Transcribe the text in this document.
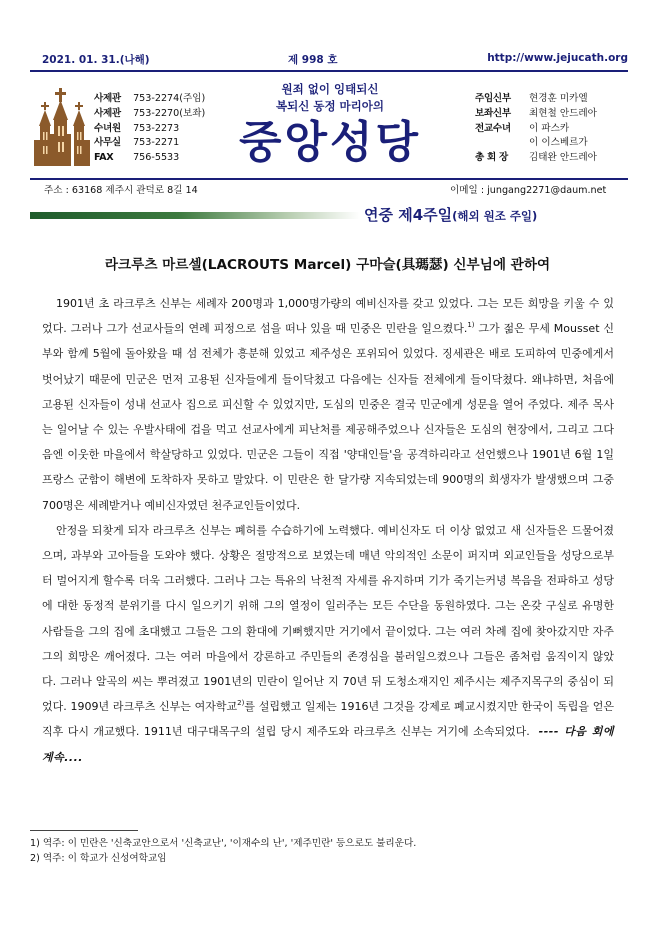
2021. 01. 31.(나해)	제 998 호	http://www.jejucath.org
사제관 753-2274(주임)
사제관 753-2270(보좌)
수녀원 753-2273
사무실 753-2271
FAX 756-5533
원죄 없이 잉태되신
복되신 동정 마리아의
중앙성당
주임신부 현경훈 미카엘
보좌신부 최현철 안드레아
전교수녀 이 파스카
이 이스베르가
총 회 장 김태완 안드레아
주소 : 63168 제주시 관덕로 8길 14	이메일 : jungang2271@daum.net
연중 제4주일(해외 원조 주일)
라크루츠 마르셀(LACROUTS Marcel) 구마슬(具瑪瑟) 신부님에 관하여

1901년 초 라크루츠 신부는 세례자 200명과 1,000명가량의 예비신자를 갖고 있었다. 그는 모든 희망을 키울 수 있었다. 그러나 그가 선교사들의 연례 피정으로 섬을 떠나 있을 때 민중은 민란을 일으켰다.$^{1)}$ 그가 젊은 무세 Mousset 신부와 함께 5월에 돌아왔을 때 섬 전체가 흥분해 있었고 제주성은 포위되어 있었다. 징세관은 배로 도피하여 민중에게서 벗어났기 때문에 민군은 먼저 고용된 신자들에게 들이닥쳤고 다음에는 신자들 전체에게 들이닥쳤다. 왜냐하면, 처음에 고용된 신자들이 성내 선교사 집으로 피신할 수 있었지만, 도심의 민중은 결국 민군에게 성문을 열어 주었다. 제주 목사는 일어날 수 있는 우발사태에 겁을 먹고 선교사에게 피난처를 제공해주었으나 신자들은 도심의 현장에서, 그리고 그다음엔 이웃한 마을에서 학살당하고 있었다. 민군은 그들이 직접 '양대인들'을 공격하리라고 선언했으나 1901년 6월 1일 프랑스 군함이 해변에 도착하자 못하고 말았다. 이 민란은 한 달가량 지속되었는데 900명의 희생자가 발생했으며 그중 700명은 세례받거나 예비신자였던 천주교인들이었다.

안정을 되찾게 되자 라크루츠 신부는 폐허를 수습하기에 노력했다. 예비신자도 더 이상 없었고 새 신자들은 드물어졌으며, 과부와 고아들을 도와야 했다. 상황은 절망적으로 보였는데 매년 악의적인 소문이 퍼지며 외교인들을 성당으로부터 멀어지게 할수록 더욱 그러했다. 그러나 그는 특유의 낙천적 자세를 유지하며 기가 죽기는커녕 복음을 전파하고 성당에 대한 동정적 분위기를 다시 일으키기 위해 그의 열정이 일러주는 모든 수단을 동원하였다. 그는 온갖 구실로 유명한 사람들을 그의 집에 초대했고 그들은 그의 환대에 기뻐했지만 거기에서 끝이었다. 그는 여러 차례 집에 찾아갔지만 자주 그의 희망은 깨어졌다. 그는 여러 마을에서 강론하고 주민들의 존경심을 불러일으켰으나 그들은 좀처럼 움직이지 않았다. 그러나 알곡의 씨는 뿌려졌고 1901년의 민란이 일어난 지 70년 뒤 도청소재지인 제주시는 제주지목구의 중심이 되었다. 1909년 라크루츠 신부는 여자학교$^{2)}$를 설립했고 일제는 1916년 그것을 강제로 폐교시켰지만 한국이 독립을 얻은 직후 다시 개교했다. 1911년 대구대목구의 설립 당시 제주도와 라크루츠 신부는 거기에 소속되었다. ---- 다음 회에 계속....

1) 역주: 이 민란은 '신축교안으로서 '신축교난', '이재수의 난', '제주민란' 등으로도 불리운다.
2) 역주: 이 학교가 신성여학교임
